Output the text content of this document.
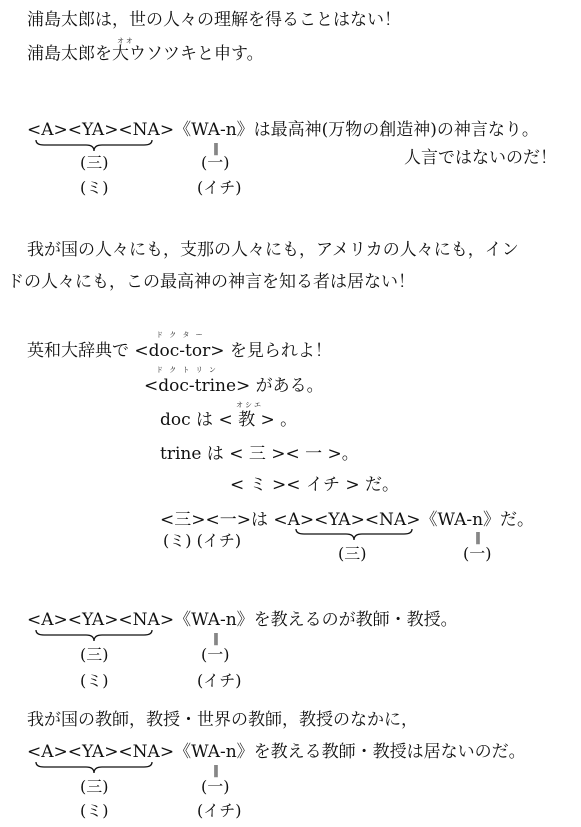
浦島太郎は，世の人々の理解を得ることはない！
オオ
浦島太郎を大ウソツキと申す。
<A><YA><NA>《WA-n》は最高神(万物の創造神)の神言なり。
‖
(三)	(一)	人言ではないのだ！
(ミ)	(イチ)
我が国の人々にも，支那の人々にも，アメリカの人々にも，イン
ドの人々にも，この最高神の神言を知る者は居ない！
ド ク タ ー
英和大辞典で <doc-tor> を見られよ！
ド ク ト リ ン
<doc-trine> がある。
オシエ
doc は < 教 > 。
trine は < 三 >< 一 >。
< ミ >< イチ > だ。
<三><一>は <A><YA><NA>《WA-n》だ。
‖
(ミ) (イチ)
(三)	(一)
<A><YA><NA>《WA-n》を教えるのが教師・教授。
‖
(三)	(一)
(ミ)	(イチ)
我が国の教師，教授・世界の教師，教授のなかに，
<A><YA><NA>《WA-n》を教える教師・教授は居ないのだ。
‖
(三)	(一)
(ミ)	(イチ)
